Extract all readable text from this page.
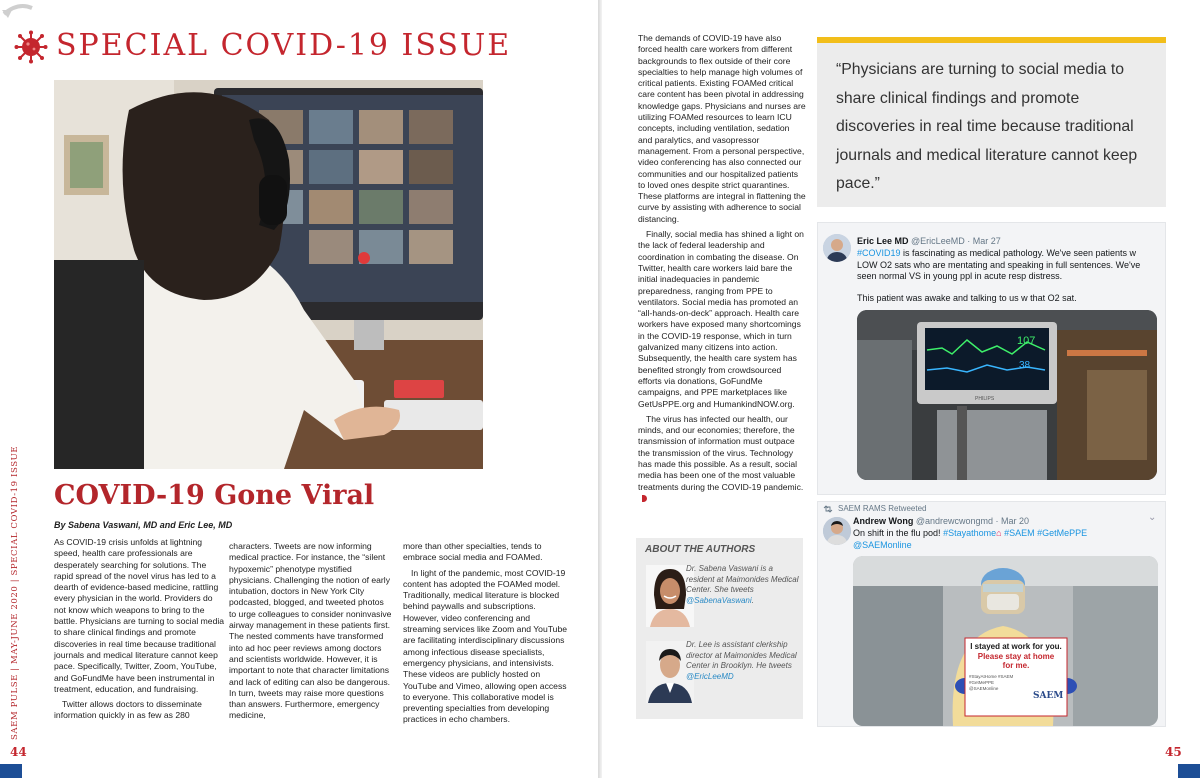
SPECIAL COVID-19 ISSUE
SAEM PULSE | MAY-JUNE 2020 | SPECIAL COVID-19 ISSUE COVID-19 Gone Viral
By Sabena Vaswani, MD and Eric Lee, MD

As COVID-19 crisis unfolds at lightning speed, health care professionals are desperately searching for solutions. The rapid spread of the novel virus has led to a dearth of evidence-based medicine, rattling every physician in the world. Providers do not know which weapons to bring to the battle. Physicians are turning to social media to share clinical findings and promote discoveries in real time because traditional journals and medical literature cannot keep pace. Specifically, Twitter, Zoom, YouTube, and GoFundMe have been instrumental in treatment, education, and fundraising.

Twitter allows doctors to disseminate information quickly in as few as 280

characters. Tweets are now informing medical practice. For instance, the “silent hypoxemic” phenotype mystified physicians. Challenging the notion of early intubation, doctors in New York City podcasted, blogged, and tweeted photos to urge colleagues to consider noninvasive airway management in these patients first. The nested comments have transformed into ad hoc peer reviews among doctors and scientists worldwide. However, it is important to note that character limitations and lack of editing can also be dangerous. In turn, tweets may raise more questions than answers. Furthermore, emergency medicine,

more than other specialties, tends to embrace social media and FOAMed.

In light of the pandemic, most COVID-19 content has adopted the FOAMed model. Traditionally, medical literature is blocked behind paywalls and subscriptions. However, video conferencing and streaming services like Zoom and YouTube are facilitating interdisciplinary discussions among infectious disease specialists, emergency physicians, and intensivists. These videos are publicly hosted on YouTube and Vimeo, allowing open access to everyone. This collaborative model is preventing specialties from developing practices in echo chambers.

The demands of COVID-19 have also forced health care workers from different backgrounds to flex outside of their core specialties to help manage high volumes of critical patients. Existing FOAMed critical care content has been pivotal in addressing knowledge gaps. Physicians and nurses are utilizing FOAMed resources to learn ICU concepts, including ventilation, sedation and paralytics, and vasopressor management. From a personal perspective, video conferencing has also connected our communities and our hospitalized patients to loved ones despite strict quarantines. These platforms are integral in flattening the curve by assisting with adherence to social distancing.

Finally, social media has shined a light on the lack of federal leadership and coordination in combating the disease. On Twitter, health care workers laid bare the initial inadequacies in pandemic preparedness, ranging from PPE to ventilators. Social media has promoted an “all-hands-on-deck” approach. Health care workers have exposed many shortcomings in the COVID-19 response, which in turn galvanized many citizens into action. Subsequently, the health care system has benefited strongly from crowdsourced efforts via donations, GoFundMe campaigns, and PPE marketplaces like GetUsPPE.org and HumankindNOW.org.

The virus has infected our health, our minds, and our economies; therefore, the transmission of information must outpace the transmission of the virus. Technology has made this possible. As a result, social media has been one of the most valuable treatments during the COVID-19 pandemic.

ABOUT THE AUTHORS
Dr. Sabena Vaswani is a resident at Maimonides Medical Center. She tweets @SabenaVaswani.
Dr. Lee is assistant clerkship director at Maimonides Medical Center in Brooklyn. He tweets @EricLeeMD
“Physicians are turning to social media to share clinical findings and promote discoveries in real time because traditional journals and medical literature cannot keep pace.”
Eric Lee MD @EricLeeMD · Mar 27
#COVID19 is fascinating as medical pathology. We've seen patients w LOW O2 sats who are mentating and speaking in full sentences. We've seen normal VS in young ppl in acute resp distress.
This patient was awake and talking to us w that O2 sat.
107
38
PHILIPS
SAEM RAMS Retweeted
⌄
Andrew Wong @andrewcwongmd · Mar 20
On shift in the flu pod! #Stayathome⌂ #SAEM #GetMePPE
@SAEMonline
I stayed at work for you.
Please stay at home
for me.
#StayAtHome #SAEM #GetMePPE @SAEMonline
SAEM
44	45
